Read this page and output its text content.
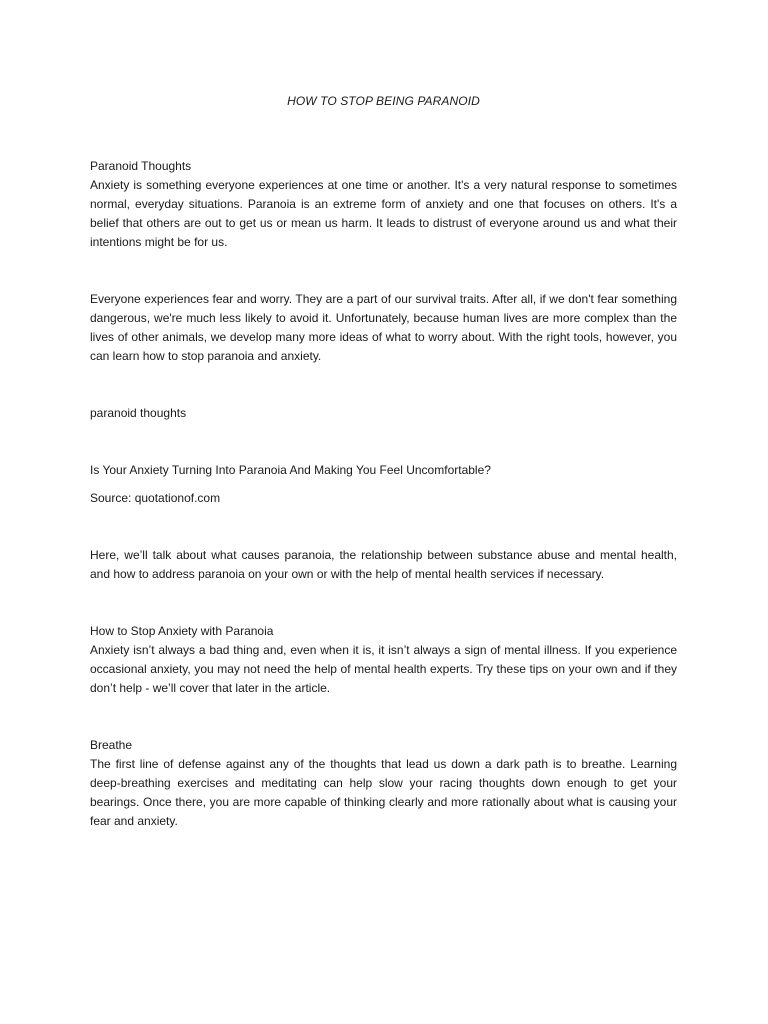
HOW TO STOP BEING PARANOID
Paranoid Thoughts

Anxiety is something everyone experiences at one time or another. It's a very natural response to sometimes normal, everyday situations. Paranoia is an extreme form of anxiety and one that focuses on others. It's a belief that others are out to get us or mean us harm. It leads to distrust of everyone around us and what their intentions might be for us.

Everyone experiences fear and worry. They are a part of our survival traits. After all, if we don't fear something dangerous, we're much less likely to avoid it. Unfortunately, because human lives are more complex than the lives of other animals, we develop many more ideas of what to worry about. With the right tools, however, you can learn how to stop paranoia and anxiety.

paranoid thoughts
Is Your Anxiety Turning Into Paranoia And Making You Feel Uncomfortable?
Source: quotationof.com

Here, we’ll talk about what causes paranoia, the relationship between substance abuse and mental health, and how to address paranoia on your own or with the help of mental health services if necessary.

How to Stop Anxiety with Paranoia

Anxiety isn’t always a bad thing and, even when it is, it isn’t always a sign of mental illness. If you experience occasional anxiety, you may not need the help of mental health experts. Try these tips on your own and if they don’t help - we’ll cover that later in the article.

Breathe

The first line of defense against any of the thoughts that lead us down a dark path is to breathe. Learning deep-breathing exercises and meditating can help slow your racing thoughts down enough to get your bearings. Once there, you are more capable of thinking clearly and more rationally about what is causing your fear and anxiety.
